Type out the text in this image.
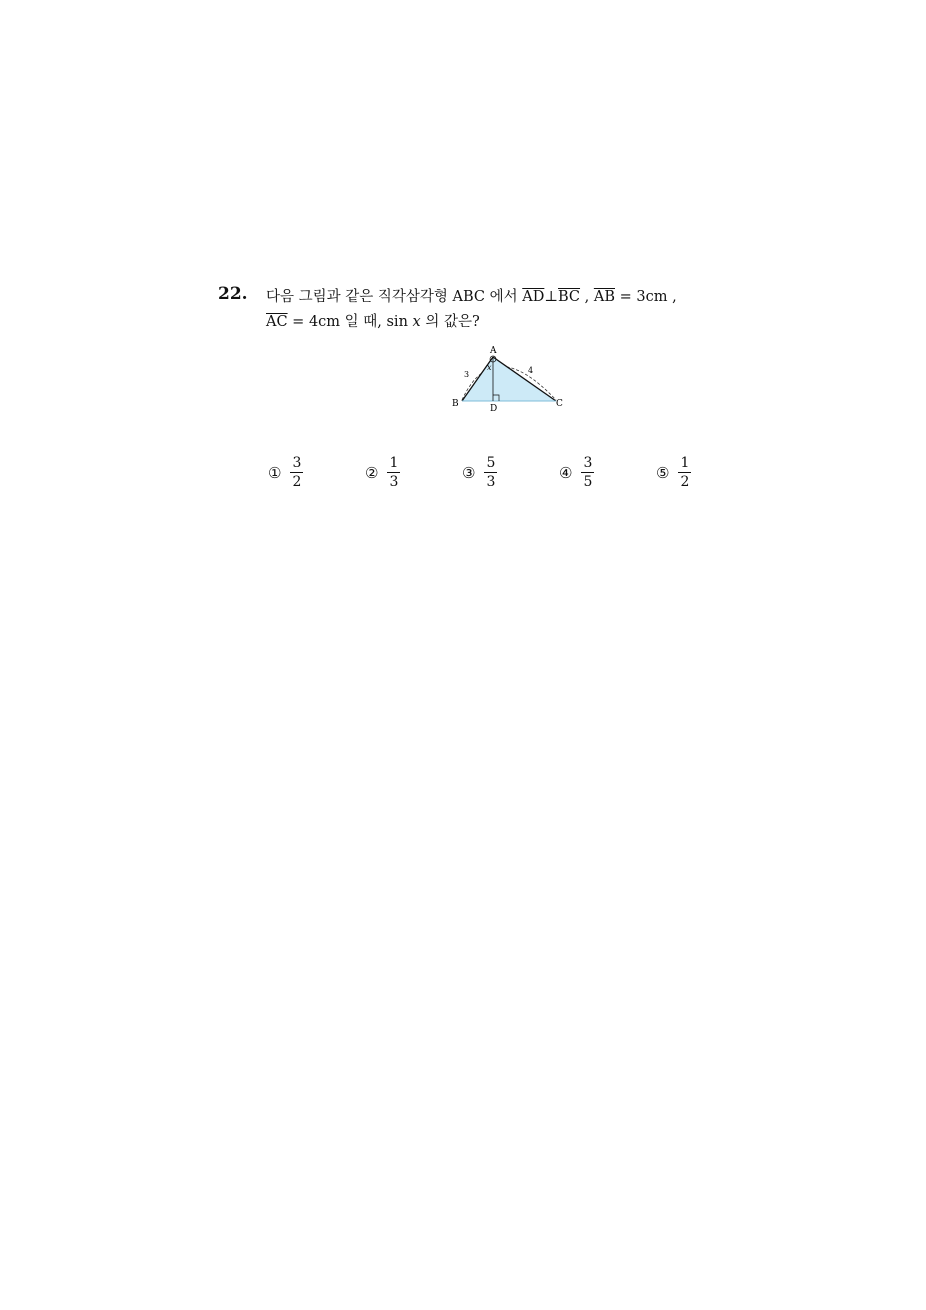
22. 다음 그림과 같은 직각삼각형 ABC 에서 $\overline{AD}\perp\overline{BC}$ , $\overline{AB} = 3cm$ ,
$\overline{AC} = 4cm$ 일 때, sin x 의 값은?
A
B	C
D
x
3	4
① $\frac{3}{2}$	② $\frac{1}{3}$	③ $\frac{5}{3}$	④ $\frac{3}{5}$	⑤ $\frac{1}{2}$
